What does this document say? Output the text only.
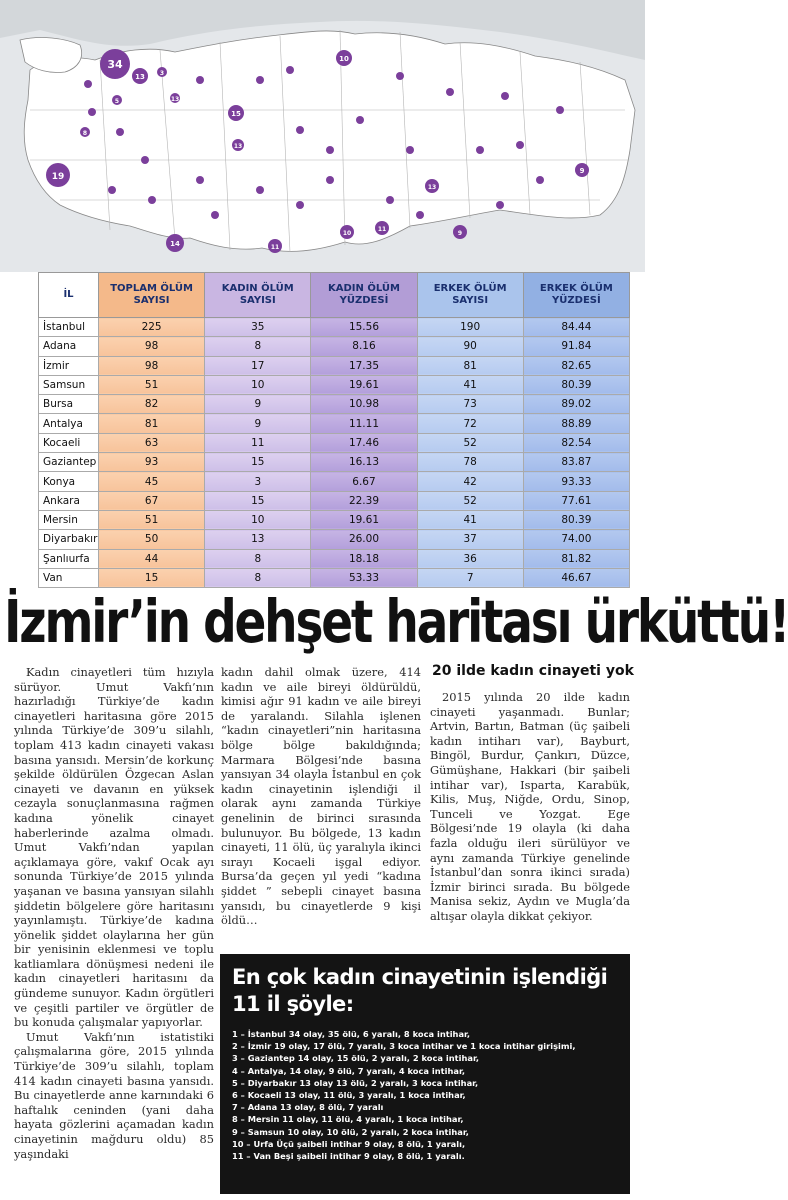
34
13	3
5
10
15
13
8
13
19
9
14	11
9
10
11
13
İL	TOPLAM ÖLÜM SAYISI	KADIN ÖLÜM SAYISI	KADIN ÖLÜM YÜZDESİ	ERKEK ÖLÜM SAYISI	ERKEK ÖLÜM YÜZDESİ
İstanbul	225	35	15.56	190	84.44
Adana	98	8	8.16	90	91.84
İzmir	98	17	17.35	81	82.65
Samsun	51	10	19.61	41	80.39
Bursa	82	9	10.98	73	89.02
Antalya	81	9	11.11	72	88.89
Kocaeli	63	11	17.46	52	82.54
Gaziantep	93	15	16.13	78	83.87
Konya	45	3	6.67	42	93.33
Ankara	67	15	22.39	52	77.61
Mersin	51	10	19.61	41	80.39
Diyarbakır	50	13	26.00	37	74.00
Şanlıurfa	44	8	18.18	36	81.82
Van	15	8	53.33	7	46.67
İzmir’in dehşet haritası ürküttü!

Kadın cinayetleri tüm hızıyla sürüyor. Umut Vakfı’nın hazırladığı Türkiye’de kadın cinayetleri haritasına göre 2015 yılında Türkiye’de 309’u silahlı, toplam 413 kadın cinayeti vakası basına yansıdı. Mersin’de korkunç şekilde öldürülen Özgecan Aslan cinayeti ve davanın en yüksek cezayla sonuçlanmasına rağmen kadına yönelik cinayet haberlerinde azalma olmadı. Umut Vakfı’ndan yapılan açıklamaya göre, vakıf Ocak ayı sonunda Türkiye’de 2015 yılında yaşanan ve basına yansıyan silahlı şiddetin bölgelere göre haritasını yayınlamıştı. Türkiye’de kadına yönelik şiddet olaylarına her gün bir yenisinin eklenmesi ve toplu katliamlara dönüşmesi nedeni ile kadın cinayetleri haritasını da gündeme sunuyor. Kadın örgütleri ve çeşitli partiler ve örgütler de bu konuda çalışmalar yapıyorlar.

Umut Vakfı’nın istatistiki çalışmalarına göre, 2015 yılında Türkiye’de 309’u silahlı, toplam 414 kadın cinayeti basına yansıdı. Bu cinayetlerde anne karnındaki 6 haftalık ceninden (yani daha hayata gözlerini açamadan kadın cinayetinin mağduru oldu) 85 yaşındaki

kadın dahil olmak üzere, 414 kadın ve aile bireyi öldürüldü, kimisi ağır 91 kadın ve aile bireyi de yaralandı. Silahla işlenen “kadın cinayetleri”nin haritasına bölge bölge bakıldığında; Marmara Bölgesi’nde basına yansıyan 34 olayla İstanbul en çok kadın cinayetinin işlendiği il olarak aynı zamanda Türkiye genelinin de birinci sırasında bulunuyor. Bu bölgede, 13 kadın cinayeti, 11 ölü, üç yaralıyla ikinci sırayı Kocaeli işgal ediyor. Bursa’da geçen yıl yedi “kadına şiddet ” sebepli cinayet basına yansıdı, bu cinayetlerde 9 kişi öldü…

20 ilde kadın cinayeti yok

2015 yılında 20 ilde kadın cinayeti yaşanmadı. Bunlar; Artvin, Bartın, Batman (üç şaibeli kadın intiharı var), Bayburt, Bingöl, Burdur, Çankırı, Düzce, Gümüşhane, Hakkari (bir şaibeli intihar var), Isparta, Karabük, Kilis, Muş, Niğde, Ordu, Sinop, Tunceli ve Yozgat. Ege Bölgesi’nde 19 olayla (ki daha fazla olduğu ileri sürülüyor ve aynı zamanda Türkiye genelinde İstanbul’dan sonra ikinci sırada) İzmir birinci sırada. Bu bölgede Manisa sekiz, Aydın ve Mugla’da altışar olayla dikkat çekiyor.

En çok kadın cinayetinin işlendiği 11 il şöyle:
1 – İstanbul 34 olay, 35 ölü, 6 yaralı, 8 koca intihar,
2 – İzmir 19 olay, 17 ölü, 7 yaralı, 3 koca intihar ve 1 koca intihar girişimi,
3 – Gaziantep 14 olay, 15 ölü, 2 yaralı, 2 koca intihar,
4 – Antalya, 14 olay, 9 ölü, 7 yaralı, 4 koca intihar,
5 – Diyarbakır 13 olay 13 ölü, 2 yaralı, 3 koca intihar,
6 – Kocaeli 13 olay, 11 ölü, 3 yaralı, 1 koca intihar,
7 – Adana 13 olay, 8 ölü, 7 yaralı
8 – Mersin 11 olay, 11 ölü, 4 yaralı, 1 koca intihar,
9 – Samsun 10 olay, 10 ölü, 2 yaralı, 2 koca intihar,
10 – Urfa Üçü şaibeli intihar 9 olay, 8 ölü, 1 yaralı,
11 – Van Beşi şaibeli intihar 9 olay, 8 ölü, 1 yaralı.
